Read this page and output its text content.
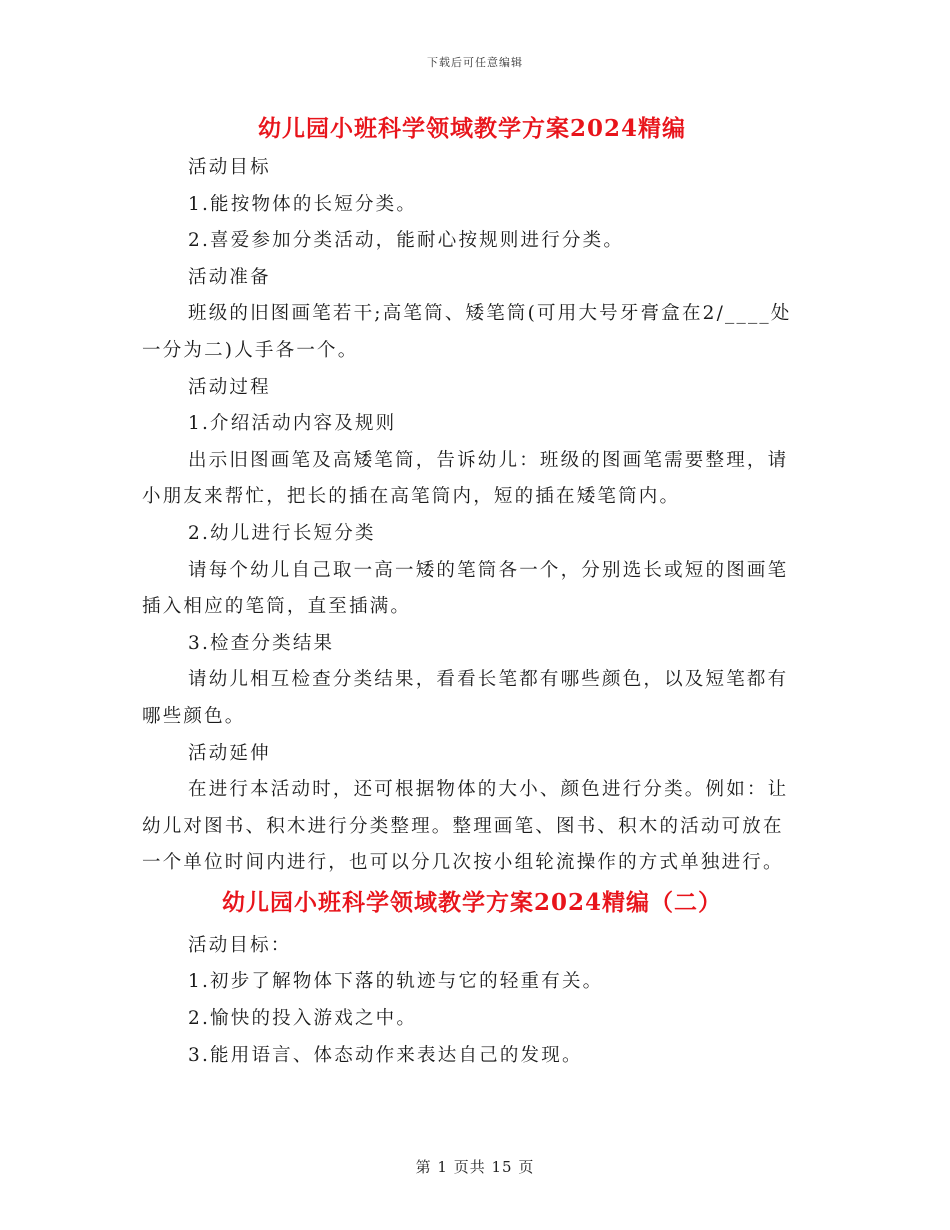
下载后可任意编辑
幼儿园小班科学领域教学方案2024精编

活动目标

1.能按物体的长短分类。

2.喜爱参加分类活动，能耐心按规则进行分类。

活动准备

班级的旧图画笔若干;高笔筒、矮笔筒(可用大号牙膏盒在2/____处一分为二)人手各一个。

活动过程

1.介绍活动内容及规则

出示旧图画笔及高矮笔筒，告诉幼儿：班级的图画笔需要整理，请小朋友来帮忙，把长的插在高笔筒内，短的插在矮笔筒内。

2.幼儿进行长短分类

请每个幼儿自己取一高一矮的笔筒各一个，分别选长或短的图画笔插入相应的笔筒，直至插满。

3.检查分类结果

请幼儿相互检查分类结果，看看长笔都有哪些颜色，以及短笔都有哪些颜色。

活动延伸

在进行本活动时，还可根据物体的大小、颜色进行分类。例如：让幼儿对图书、积木进行分类整理。整理画笔、图书、积木的活动可放在一个单位时间内进行，也可以分几次按小组轮流操作的方式单独进行。

幼儿园小班科学领域教学方案2024精编（二）

活动目标：

1.初步了解物体下落的轨迹与它的轻重有关。

2.愉快的投入游戏之中。

3.能用语言、体态动作来表达自己的发现。

第 1 页共 15 页
